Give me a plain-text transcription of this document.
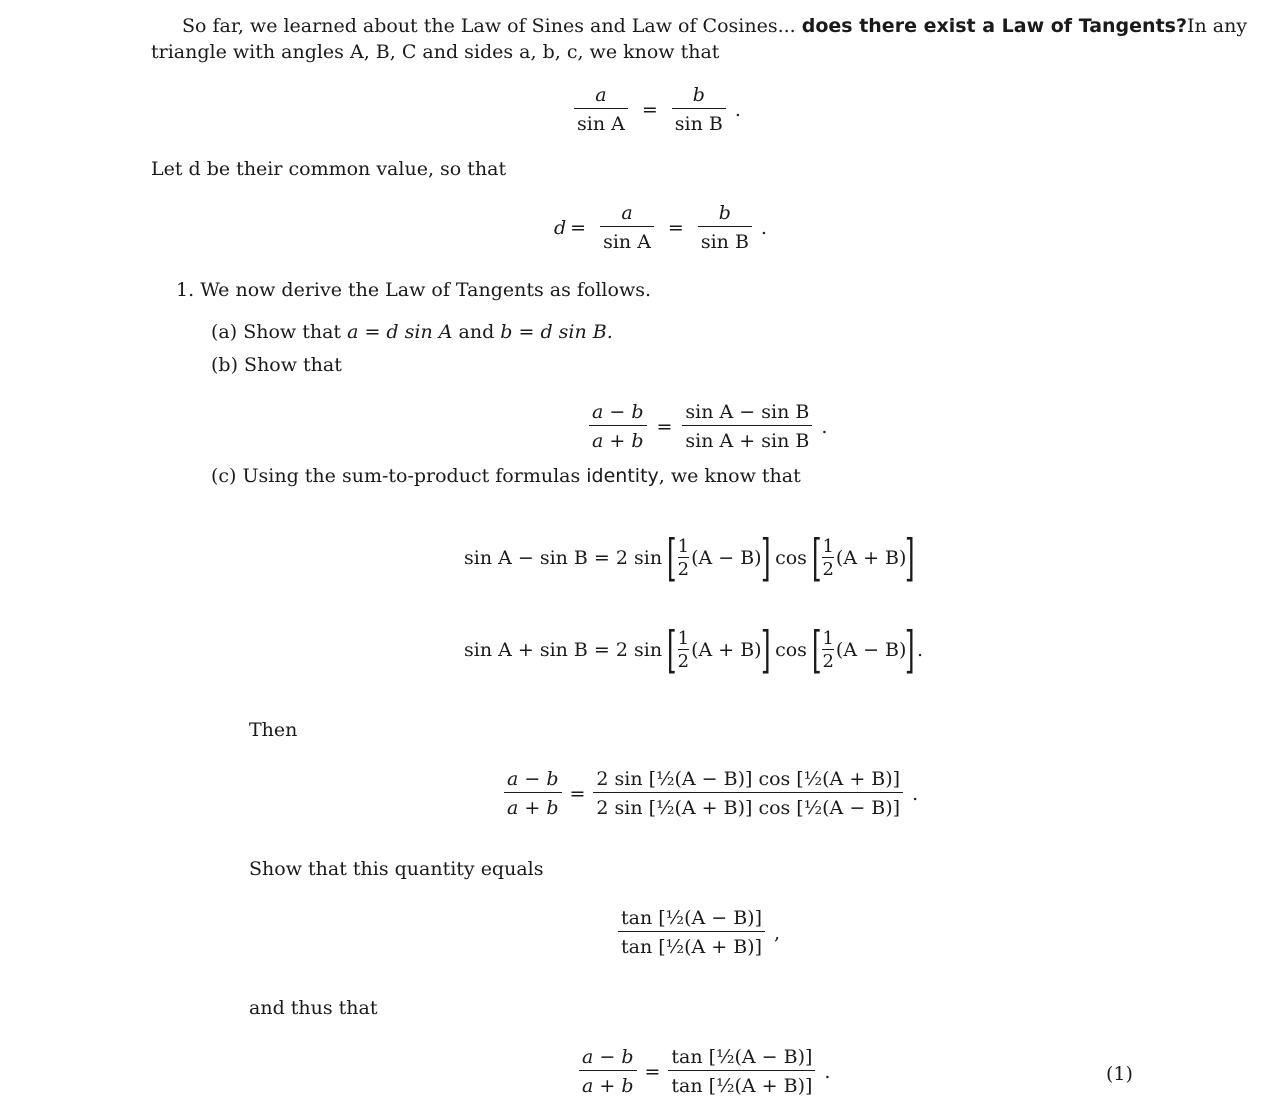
So far, we learned about the Law of Sines and Law of Cosines... does there exist a Law of Tangents?In any
triangle with angles A, B, C and sides a, b, c, we know that
$\frac{a}{\text{sin A}} = \frac{b}{\text{sin B}}$ .
Let d be their common value, so that
$d = \frac{a}{\text{sin A}} = \frac{b}{\text{sin B}}$ .
1. We now derive the Law of Tangents as follows.
(a) Show that a = d sin A and b = d sin B.
(b) Show that
$\frac{a - b}{a + b} = \frac{\text{sin A − sin B}}{\text{sin A + sin B}}$ .
(c) Using the sum-to-product formulas identity, we know that
sin A − sin B = 2 sin [ 1
2 (A − B)
] cos [ 1
2 (A + B)
]
sin A + sin B = 2 sin [ 1
2 (A + B)
] cos [ 1
2 (A − B)
] .
Then
$\frac{a - b}{a + b} = \frac{\text{2 sin [½(A − B)] cos [½(A + B)]}}{\text{2 sin [½(A + B)] cos [½(A − B)]}}$ .
Show that this quantity equals
$\frac{\text{tan [½(A − B)]}}{\text{tan [½(A + B)]}}$ ,
and thus that
$\frac{a - b}{a + b} = \frac{\text{tan [½(A − B)]}}{\text{tan [½(A + B)]}}$ .	(1)
